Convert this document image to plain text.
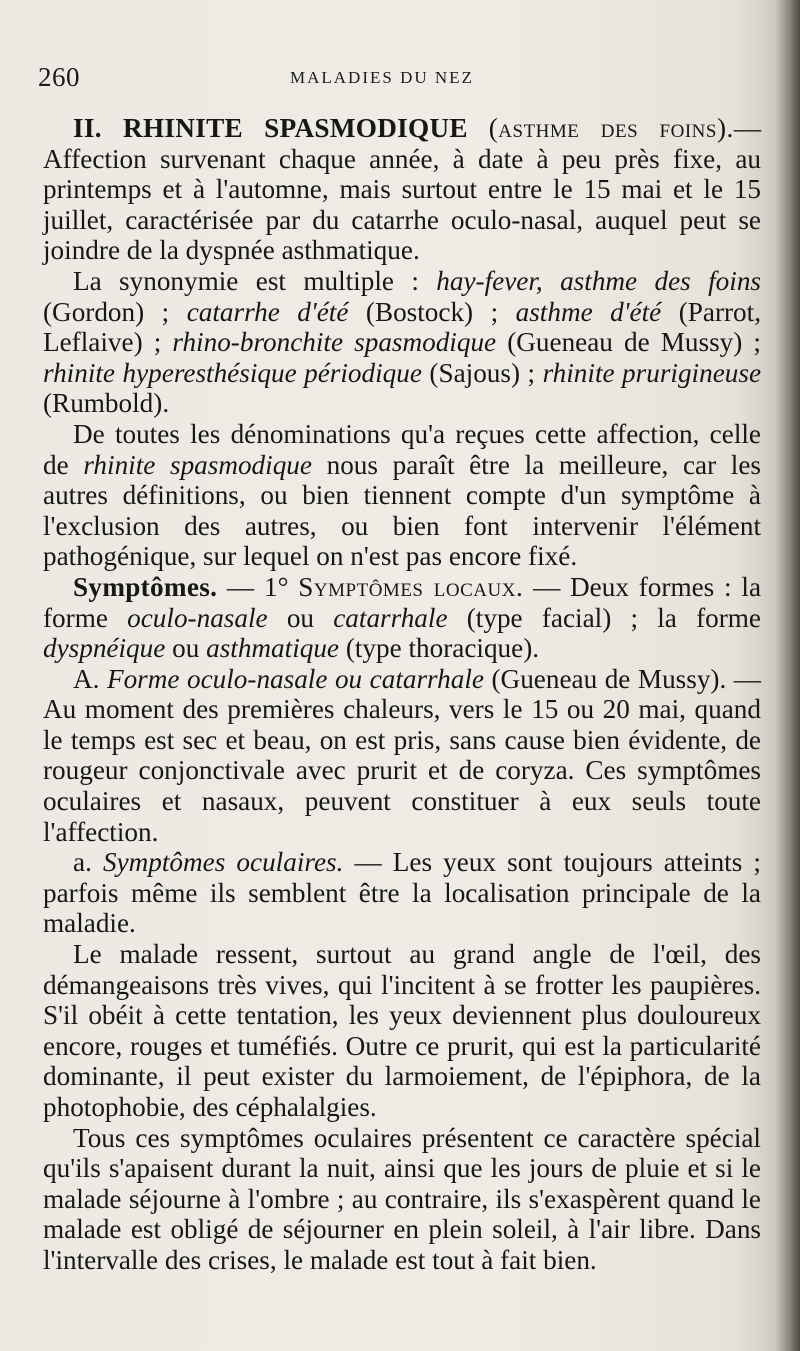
260	MALADIES DU NEZ

II. RHINITE SPASMODIQUE (asthme des foins).— Affection survenant chaque année, à date à peu près fixe, au printemps et à l'automne, mais surtout entre le 15 mai et le 15 juillet, caractérisée par du catarrhe oculo-nasal, auquel peut se joindre de la dyspnée asthmatique.

La synonymie est multiple : hay-fever, asthme des foins (Gordon) ; catarrhe d'été (Bostock) ; asthme d'été (Parrot, Leflaive) ; rhino-bronchite spasmodique (Gueneau de Mussy) ; rhinite hyperesthésique périodique (Sajous) ; rhinite prurigineuse (Rumbold).

De toutes les dénominations qu'a reçues cette affection, celle de rhinite spasmodique nous paraît être la meilleure, car les autres définitions, ou bien tiennent compte d'un symptôme à l'exclusion des autres, ou bien font intervenir l'élément pathogénique, sur lequel on n'est pas encore fixé.

Symptômes. — 1° Symptômes locaux. — Deux formes : la forme oculo-nasale ou catarrhale (type facial) ; la forme dyspnéique ou asthmatique (type thoracique).

A. Forme oculo-nasale ou catarrhale (Gueneau de Mussy). — Au moment des premières chaleurs, vers le 15 ou 20 mai, quand le temps est sec et beau, on est pris, sans cause bien évidente, de rougeur conjonctivale avec prurit et de coryza. Ces symptômes oculaires et nasaux, peuvent constituer à eux seuls toute l'affection.

a. Symptômes oculaires. — Les yeux sont toujours atteints ; parfois même ils semblent être la localisation principale de la maladie.

Le malade ressent, surtout au grand angle de l'œil, des démangeaisons très vives, qui l'incitent à se frotter les paupières. S'il obéit à cette tentation, les yeux deviennent plus douloureux encore, rouges et tuméfiés. Outre ce prurit, qui est la particularité dominante, il peut exister du larmoiement, de l'épiphora, de la photophobie, des céphalalgies.

Tous ces symptômes oculaires présentent ce caractère spécial qu'ils s'apaisent durant la nuit, ainsi que les jours de pluie et si le malade séjourne à l'ombre ; au contraire, ils s'exaspèrent quand le malade est obligé de séjourner en plein soleil, à l'air libre. Dans l'intervalle des crises, le malade est tout à fait bien.
